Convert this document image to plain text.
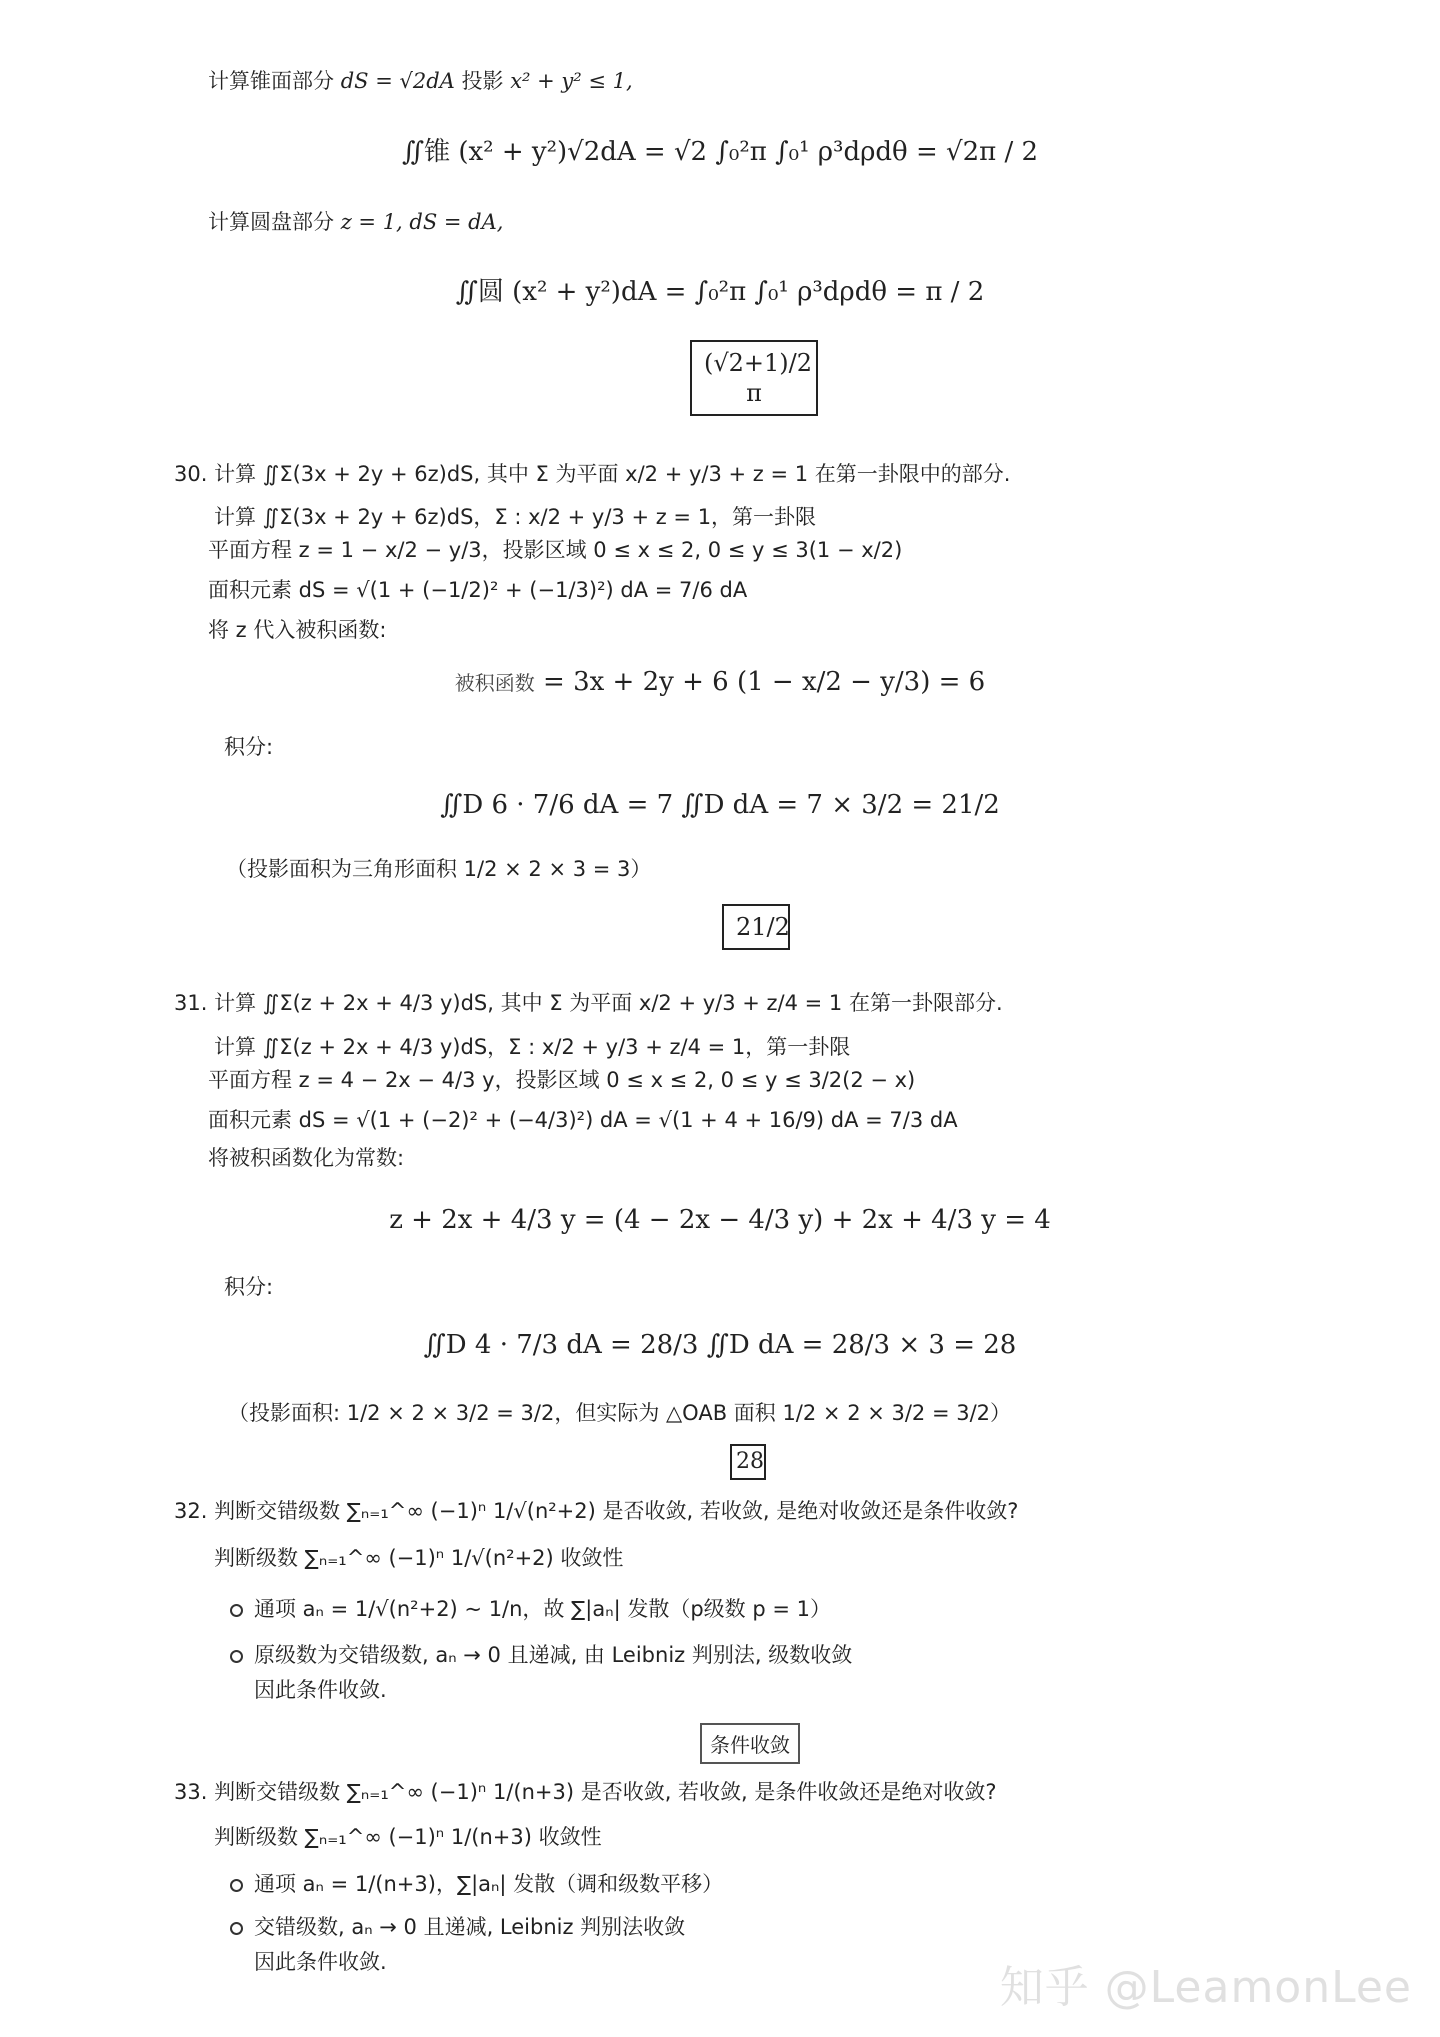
计算锥面部分 dS = √2dA 投影 x² + y² ≤ 1,
∬锥 (x² + y²)√2dA = √2 ∫₀²π ∫₀¹ ρ³dρdθ = √2π / 2
计算圆盘部分 z = 1, dS = dA,
∬圆 (x² + y²)dA = ∫₀²π ∫₀¹ ρ³dρdθ = π / 2
(√2+1)/2 π
30. 计算 ∬Σ(3x + 2y + 6z)dS, 其中 Σ 为平面 x/2 + y/3 + z = 1 在第一卦限中的部分.
计算 ∬Σ(3x + 2y + 6z)dS，Σ : x/2 + y/3 + z = 1，第一卦限
平面方程 z = 1 − x/2 − y/3，投影区域 0 ≤ x ≤ 2, 0 ≤ y ≤ 3(1 − x/2)
面积元素 dS = √(1 + (−1/2)² + (−1/3)²) dA = 7/6 dA
将 z 代入被积函数:
被积函数 = 3x + 2y + 6 (1 − x/2 − y/3) = 6
积分:
∬D 6 · 7/6 dA = 7 ∬D dA = 7 × 3/2 = 21/2
（投影面积为三角形面积 1/2 × 2 × 3 = 3）
21/2
31. 计算 ∬Σ(z + 2x + 4/3 y)dS, 其中 Σ 为平面 x/2 + y/3 + z/4 = 1 在第一卦限部分.
计算 ∬Σ(z + 2x + 4/3 y)dS，Σ : x/2 + y/3 + z/4 = 1，第一卦限
平面方程 z = 4 − 2x − 4/3 y，投影区域 0 ≤ x ≤ 2, 0 ≤ y ≤ 3/2(2 − x)
面积元素 dS = √(1 + (−2)² + (−4/3)²) dA = √(1 + 4 + 16/9) dA = 7/3 dA
将被积函数化为常数:
z + 2x + 4/3 y = (4 − 2x − 4/3 y) + 2x + 4/3 y = 4
积分:
∬D 4 · 7/3 dA = 28/3 ∬D dA = 28/3 × 3 = 28
（投影面积: 1/2 × 2 × 3/2 = 3/2，但实际为 △OAB 面积 1/2 × 2 × 3/2 = 3/2）
28
32. 判断交错级数 ∑ₙ₌₁^∞ (−1)ⁿ 1/√(n²+2) 是否收敛, 若收敛, 是绝对收敛还是条件收敛?
判断级数 ∑ₙ₌₁^∞ (−1)ⁿ 1/√(n²+2) 收敛性
通项 aₙ = 1/√(n²+2) ∼ 1/n，故 ∑|aₙ| 发散（p级数 p = 1）
原级数为交错级数, aₙ → 0 且递减, 由 Leibniz 判别法, 级数收敛
因此条件收敛.
条件收敛
33. 判断交错级数 ∑ₙ₌₁^∞ (−1)ⁿ 1/(n+3) 是否收敛, 若收敛, 是条件收敛还是绝对收敛?
判断级数 ∑ₙ₌₁^∞ (−1)ⁿ 1/(n+3) 收敛性
通项 aₙ = 1/(n+3)，∑|aₙ| 发散（调和级数平移）
交错级数, aₙ → 0 且递减, Leibniz 判别法收敛
因此条件收敛.	知乎 @LeamonLee
